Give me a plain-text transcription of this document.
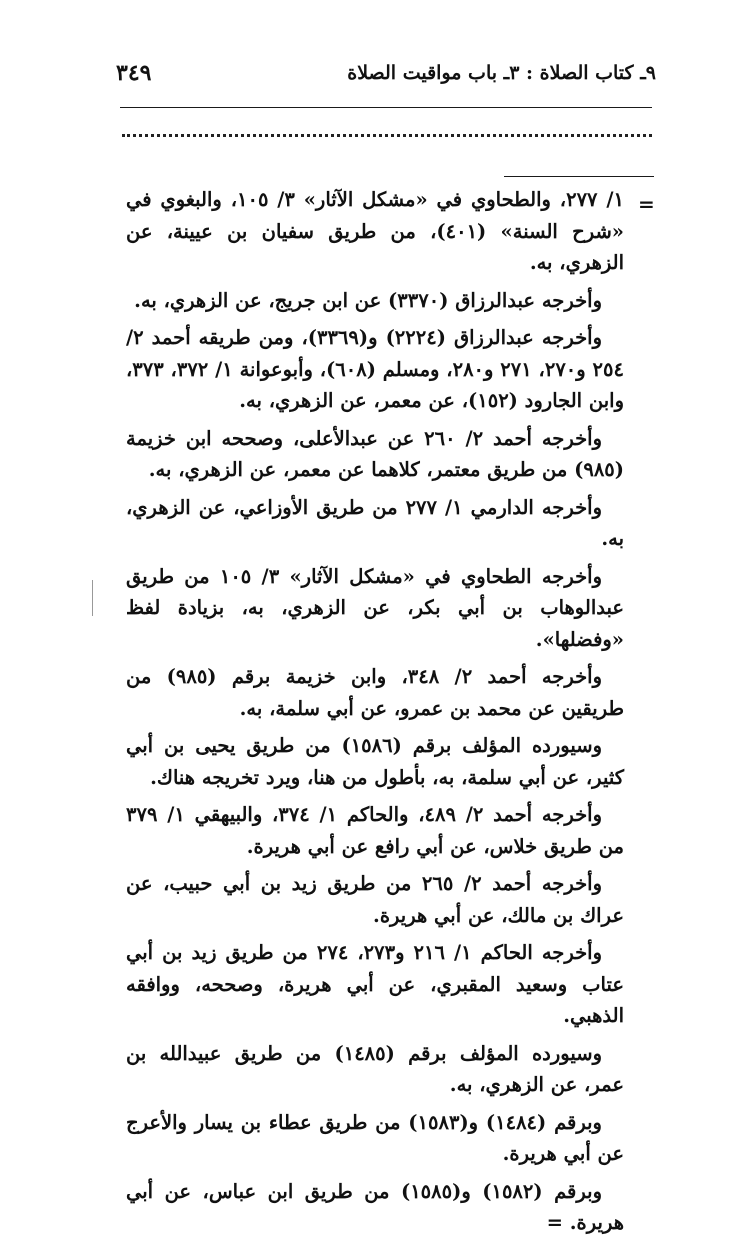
٩ـ كتاب الصلاة : ٣ـ باب مواقيت الصلاة
٣٤٩
=

١/ ٢٧٧، والطحاوي في «مشكل الآثار» ٣/ ١٠٥، والبغوي في «شرح السنة» (٤٠١)، من طريق سفيان بن عيينة، عن الزهري، به.

وأخرجه عبدالرزاق (٣٣٧٠) عن ابن جريج، عن الزهري، به.

وأخرجه عبدالرزاق (٢٢٢٤) و(٣٣٦٩)، ومن طريقه أحمد ٢/ ٢٥٤ و٢٧٠، ٢٧١ و٢٨٠، ومسلم (٦٠٨)، وأبوعوانة ١/ ٣٧٢، ٣٧٣، وابن الجارود (١٥٢)، عن معمر، عن الزهري، به.

وأخرجه أحمد ٢/ ٢٦٠ عن عبدالأعلى، وصححه ابن خزيمة (٩٨٥) من طريق معتمر، كلاهما عن معمر، عن الزهري، به.

وأخرجه الدارمي ١/ ٢٧٧ من طريق الأوزاعي، عن الزهري، به.

وأخرجه الطحاوي في «مشكل الآثار» ٣/ ١٠٥ من طريق عبدالوهاب بن أبي بكر، عن الزهري، به، بزيادة لفظ «وفضلها».

وأخرجه أحمد ٢/ ٣٤٨، وابن خزيمة برقم (٩٨٥) من طريقين عن محمد بن عمرو، عن أبي سلمة، به.

وسيورده المؤلف برقم (١٥٨٦) من طريق يحيى بن أبي كثير، عن أبي سلمة، به، بأطول من هنا، ويرد تخريجه هناك.

وأخرجه أحمد ٢/ ٤٨٩، والحاكم ١/ ٣٧٤، والبيهقي ١/ ٣٧٩ من طريق خلاس، عن أبي رافع عن أبي هريرة.

وأخرجه أحمد ٢/ ٢٦٥ من طريق زيد بن أبي حبيب، عن عراك بن مالك، عن أبي هريرة.

وأخرجه الحاكم ١/ ٢١٦ و٢٧٣، ٢٧٤ من طريق زيد بن أبي عتاب وسعيد المقبري، عن أبي هريرة، وصححه، ووافقه الذهبي.

وسيورده المؤلف برقم (١٤٨٥) من طريق عبيدالله بن عمر، عن الزهري، به.

وبرقم (١٤٨٤) و(١٥٨٣) من طريق عطاء بن يسار والأعرج عن أبي هريرة.

وبرقم (١٥٨٢) و(١٥٨٥) من طريق ابن عباس، عن أبي هريرة. =
